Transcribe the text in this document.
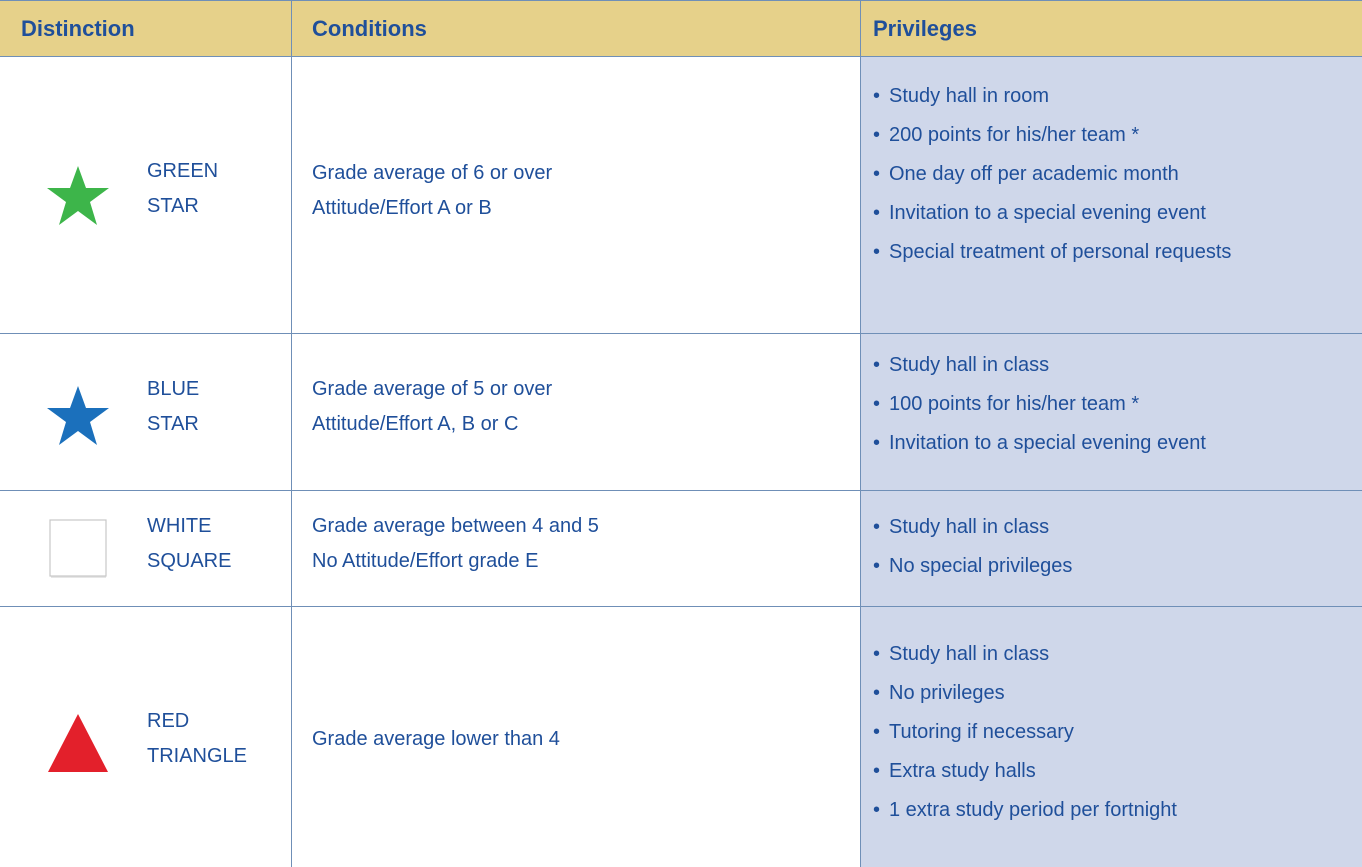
Distinction	Conditions	Privileges
GREEN
STAR
Grade average of 6 or over
Attitude/Effort A or B
• Study hall in room
• 200 points for his/her team *
• One day off per academic month
• Invitation to a special evening event
• Special treatment of personal requests
BLUE
STAR
Grade average of 5 or over
Attitude/Effort A, B or C
• Study hall in class
• 100 points for his/her team *
• Invitation to a special evening event
WHITE
SQUARE
Grade average between 4 and 5
No Attitude/Effort grade E
• Study hall in class
• No special privileges
RED
TRIANGLE
Grade average lower than 4
• Study hall in class
• No privileges
• Tutoring if necessary
• Extra study halls
• 1 extra study period per fortnight
